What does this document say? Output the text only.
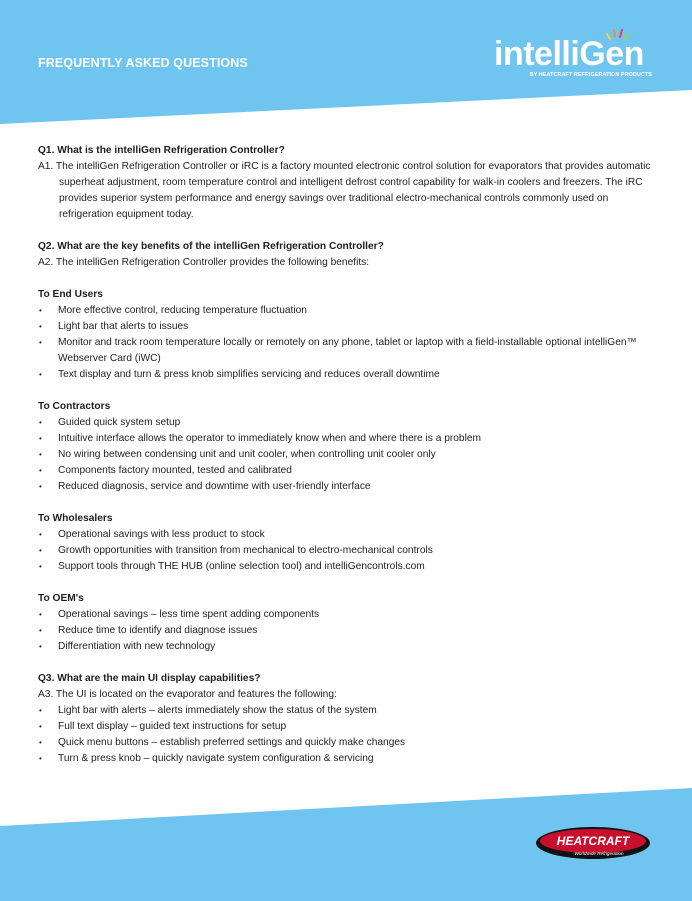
FREQUENTLY ASKED QUESTIONS	intelliGen
BY HEATCRAFT REFRIGERATION PRODUCTS
Q1. What is the intelliGen Refrigeration Controller?
A1. The intelliGen Refrigeration Controller or iRC is a factory mounted electronic control solution for evaporators that provides automatic superheat adjustment, room temperature control and intelligent defrost control capability for walk-in coolers and freezers. The iRC provides superior system performance and energy savings over traditional electro-mechanical controls commonly used on refrigeration equipment today.
Q2. What are the key benefits of the intelliGen Refrigeration Controller?
A2. The intelliGen Refrigeration Controller provides the following benefits:
To End Users
• More effective control, reducing temperature fluctuation
• Light bar that alerts to issues
• Monitor and track room temperature locally or remotely on any phone, tablet or laptop with a field-installable optional intelliGen™ Webserver Card (iWC)
• Text display and turn & press knob simplifies servicing and reduces overall downtime
To Contractors
• Guided quick system setup
• Intuitive interface allows the operator to immediately know when and where there is a problem
• No wiring between condensing unit and unit cooler, when controlling unit cooler only
• Components factory mounted, tested and calibrated
• Reduced diagnosis, service and downtime with user-friendly interface
To Wholesalers
• Operational savings with less product to stock
• Growth opportunities with transition from mechanical to electro-mechanical controls
• Support tools through THE HUB (online selection tool) and intelliGencontrols.com
To OEM's
• Operational savings – less time spent adding components
• Reduce time to identify and diagnose issues
• Differentiation with new technology
Q3. What are the main UI display capabilities?
A3. The UI is located on the evaporator and features the following:
• Light bar with alerts – alerts immediately show the status of the system
• Full text display – guided text instructions for setup
• Quick menu buttons – establish preferred settings and quickly make changes
• Turn & press knob – quickly navigate system configuration & servicing
HEATCRAFT
Worldwide Refrigeration
